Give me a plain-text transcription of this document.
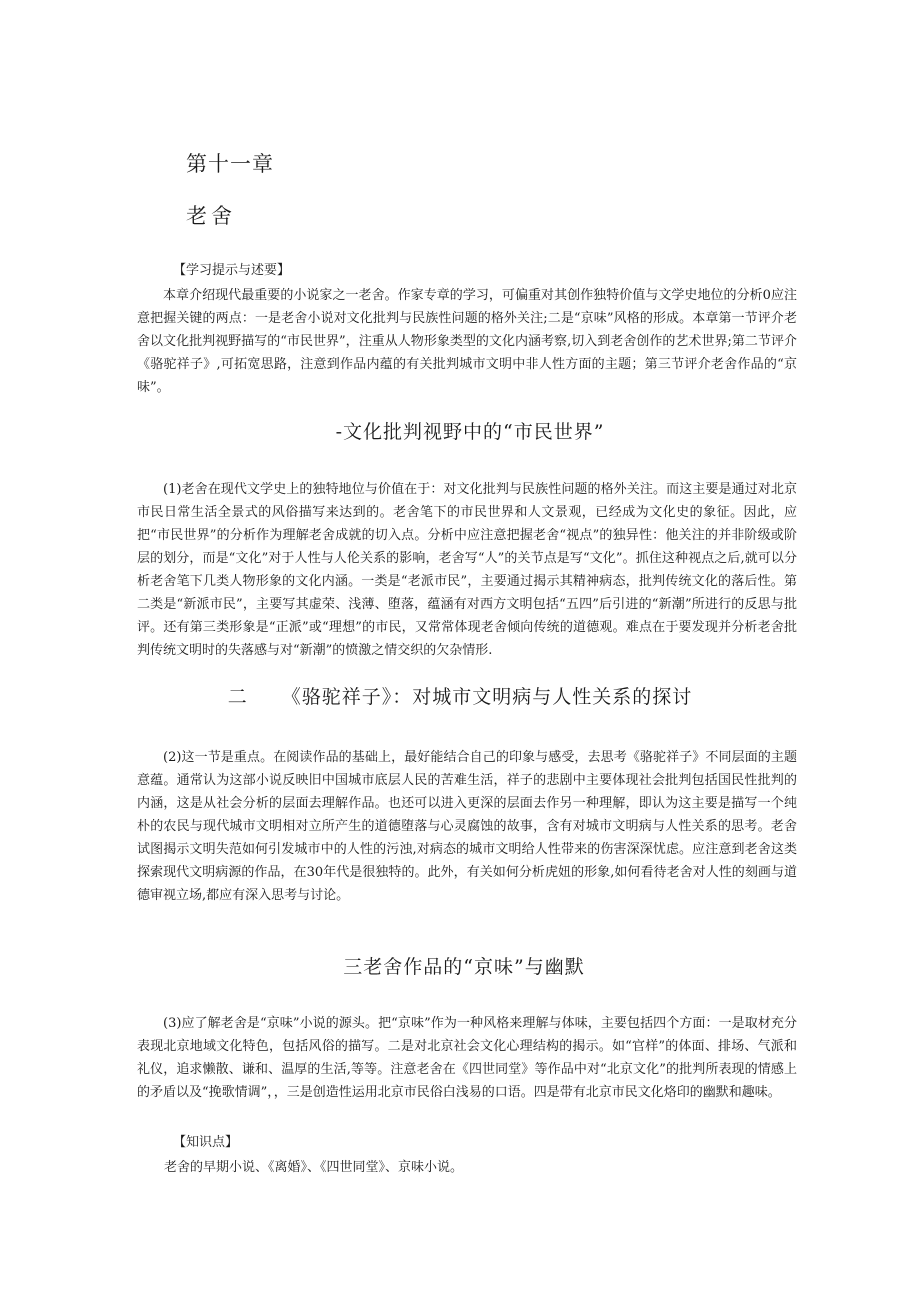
第十一章
老舍
【学习提示与述要】

本章介绍现代最重要的小说家之一老舍。作家专章的学习，可偏重对其创作独特价值与文学史地位的分析0应注意把握关键的两点：一是老舍小说对文化批判与民族性问题的格外关注;二是“京味”风格的形成。本章第一节评介老舍以文化批判视野描写的“市民世界”，注重从人物形象类型的文化内涵考察,切入到老舍创作的艺术世界;第二节评介《骆驼祥子》,可拓宽思路，注意到作品内蕴的有关批判城市文明中非人性方面的主题；第三节评介老舍作品的“京味”。

-文化批判视野中的“市民世界”

(1)老舍在现代文学史上的独特地位与价值在于：对文化批判与民族性问题的格外关注。而这主要是通过对北京市民日常生活全景式的风俗描写来达到的。老舍笔下的市民世界和人文景观，已经成为文化史的象征。因此，应把“市民世界”的分析作为理解老舍成就的切入点。分析中应注意把握老舍“视点”的独异性：他关注的并非阶级或阶层的划分，而是“文化”对于人性与人伦关系的影响，老舍写“人”的关节点是写“文化”。抓住这种视点之后,就可以分析老舍笔下几类人物形象的文化内涵。一类是“老派市民”，主要通过揭示其精神病态，批判传统文化的落后性。第二类是“新派市民”，主要写其虚荣、浅薄、堕落，蕴涵有对西方文明包括“五四”后引进的“新潮”所进行的反思与批评。还有第三类形象是“正派”或“理想”的市民，又常常体现老舍倾向传统的道德观。难点在于要发现并分析老舍批判传统文明时的失落感与对“新潮”的愤激之情交织的欠杂情形.

二 《骆驼祥子》：对城市文明病与人性关系的探讨

(2)这一节是重点。在阅读作品的基础上，最好能结合自己的印象与感受，去思考《骆驼祥子》不同层面的主题意蕴。通常认为这部小说反映旧中国城市底层人民的苦难生活，祥子的悲剧中主要体现社会批判包括国民性批判的内涵，这是从社会分析的层面去理解作品。也还可以进入更深的层面去作另一种理解，即认为这主要是描写一个纯朴的农民与现代城市文明相对立所产生的道德堕落与心灵腐蚀的故事，含有对城市文明病与人性关系的思考。老舍试图揭示文明失范如何引发城市中的人性的污浊,对病态的城市文明给人性带来的伤害深深忧虑。应注意到老舍这类探索现代文明病源的作品，在30年代是很独特的。此外，有关如何分析虎妞的形象,如何看待老舍对人性的刻画与道德审视立场,都应有深入思考与讨论。

三老舍作品的“京味”与幽默

(3)应了解老舍是“京味”小说的源头。把“京味”作为一种风格来理解与体味，主要包括四个方面：一是取材充分表现北京地域文化特色，包括风俗的描写。二是对北京社会文化心理结构的揭示。如“官样”的体面、排场、气派和礼仪，追求懒散、谦和、温厚的生活,等等。注意老舍在《四世同堂》等作品中对“北京文化”的批判所表现的情感上的矛盾以及“挽歌情调”，，三是创造性运用北京市民俗白浅易的口语。四是带有北京市民文化烙印的幽默和趣味。

【知识点】
老舍的早期小说、《离婚》、《四世同堂》、京味小说。
